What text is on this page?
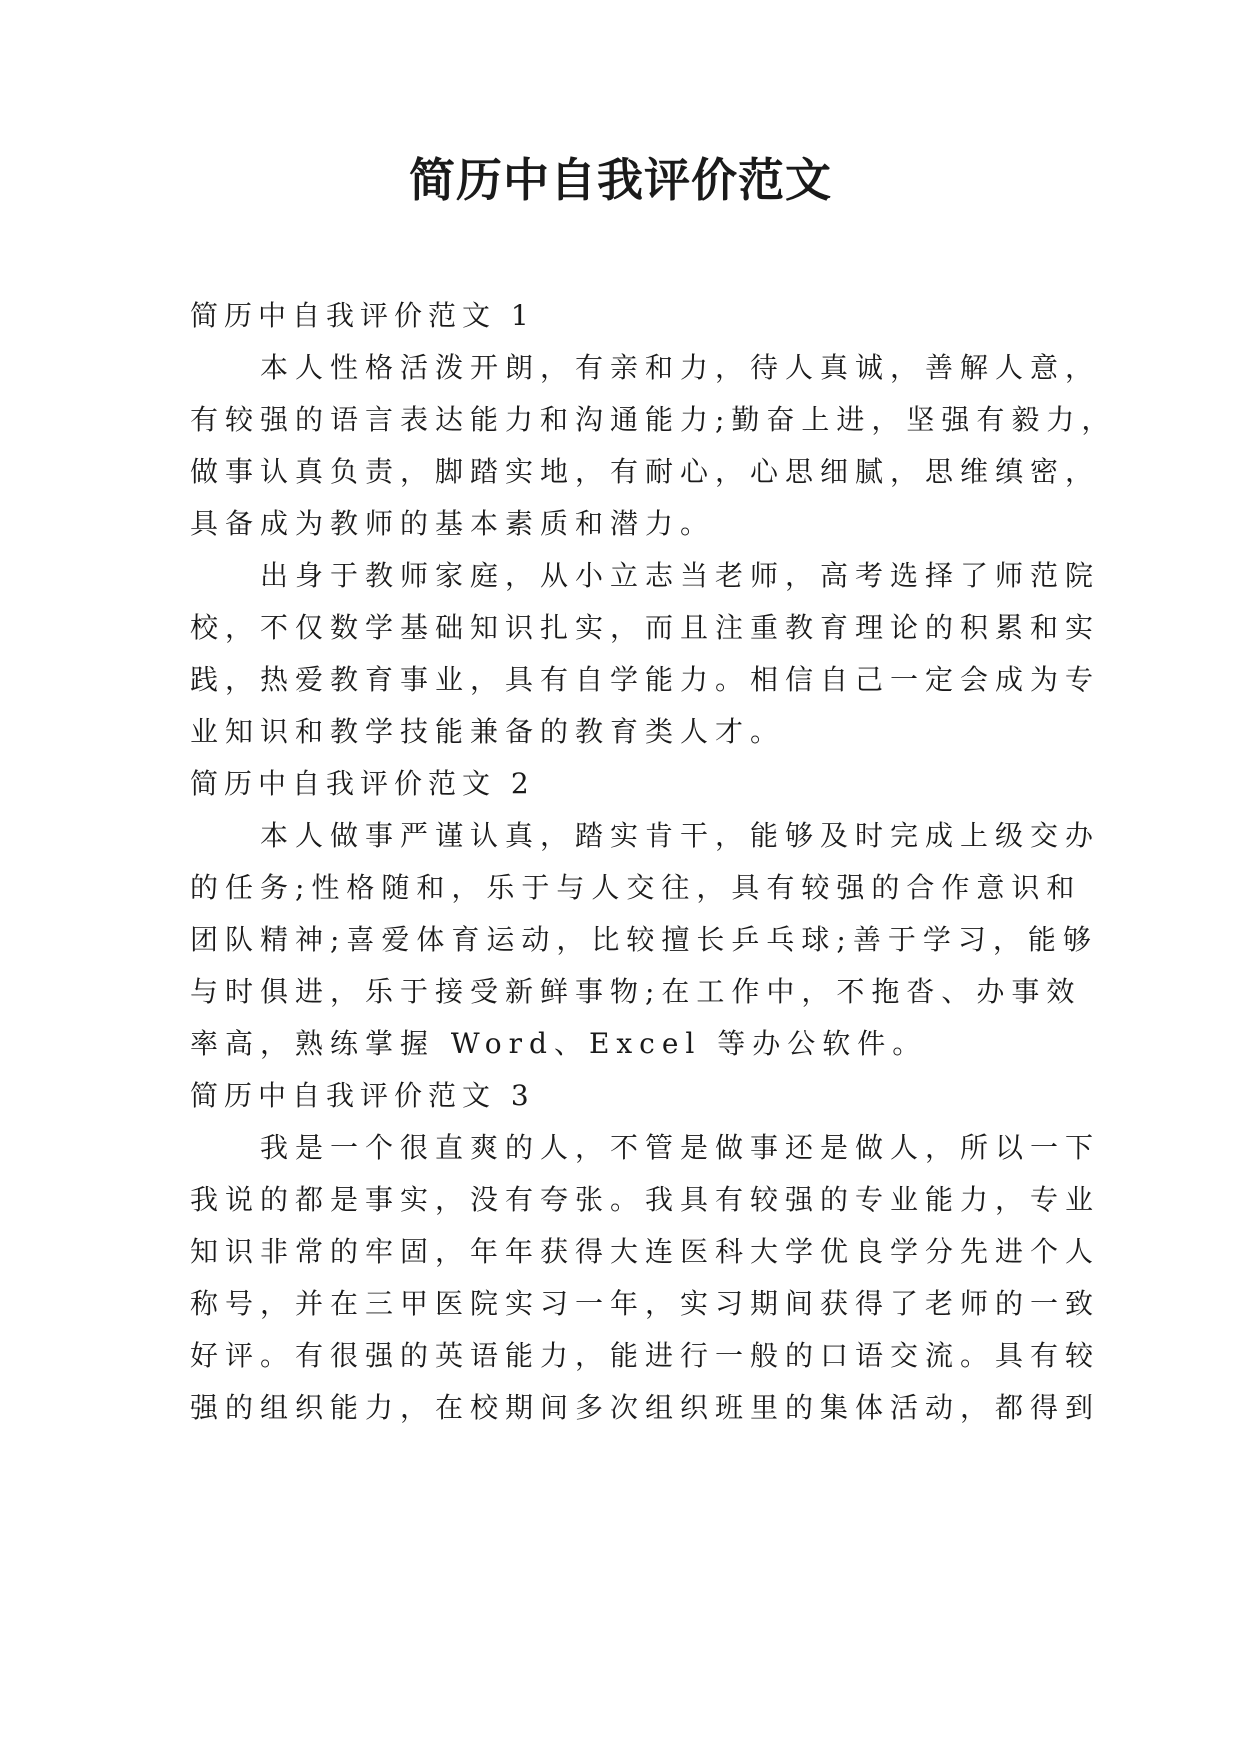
简历中自我评价范文
简历中自我评价范文 1
本人性格活泼开朗，有亲和力，待人真诚，善解人意，
有较强的语言表达能力和沟通能力;勤奋上进，坚强有毅力，
做事认真负责，脚踏实地，有耐心，心思细腻，思维缜密，
具备成为教师的基本素质和潜力。
出身于教师家庭，从小立志当老师，高考选择了师范院
校，不仅数学基础知识扎实，而且注重教育理论的积累和实
践，热爱教育事业，具有自学能力。相信自己一定会成为专
业知识和教学技能兼备的教育类人才。
简历中自我评价范文 2
本人做事严谨认真，踏实肯干，能够及时完成上级交办
的任务;性格随和，乐于与人交往，具有较强的合作意识和
团队精神;喜爱体育运动，比较擅长乒乓球;善于学习，能够
与时俱进，乐于接受新鲜事物;在工作中，不拖沓、办事效
率高，熟练掌握 Word、Excel 等办公软件。
简历中自我评价范文 3
我是一个很直爽的人，不管是做事还是做人，所以一下
我说的都是事实，没有夸张。我具有较强的专业能力，专业
知识非常的牢固，年年获得大连医科大学优良学分先进个人
称号，并在三甲医院实习一年，实习期间获得了老师的一致
好评。有很强的英语能力，能进行一般的口语交流。具有较
强的组织能力，在校期间多次组织班里的集体活动，都得到
